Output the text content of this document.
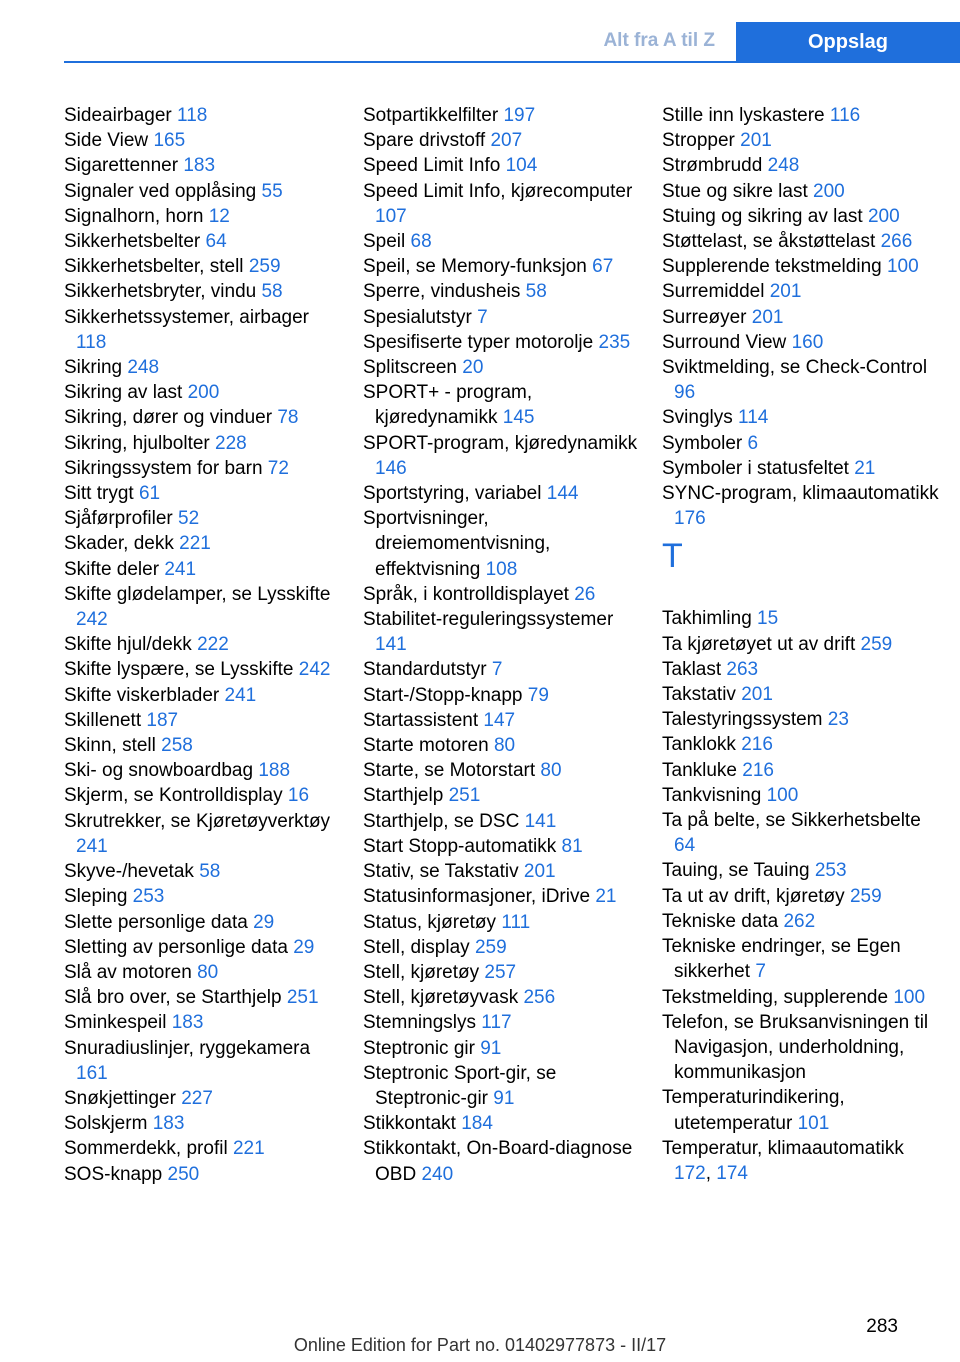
Alt fra A til Z	Oppslag
Sideairbager 118
Side View 165
Sigarettenner 183
Signaler ved opplåsing 55
Signalhorn, horn 12
Sikkerhetsbelter 64
Sikkerhetsbelter, stell 259
Sikkerhetsbryter, vindu 58
Sikkerhetssystemer, airbager 118
Sikring 248
Sikring av last 200
Sikring, dører og vinduer 78
Sikring, hjulbolter 228
Sikringssystem for barn 72
Sitt trygt 61
Sjåførprofiler 52
Skader, dekk 221
Skifte deler 241
Skifte glødelamper, se Lysskifte 242
Skifte hjul/dekk 222
Skifte lyspære, se Lysskifte 242
Skifte viskerblader 241
Skillenett 187
Skinn, stell 258
Ski- og snowboardbag 188
Skjerm, se Kontrolldisplay 16
Skrutrekker, se Kjøretøyverktøy 241
Skyve-/hevetak 58
Sleping 253
Slette personlige data 29
Sletting av personlige data 29
Slå av motoren 80
Slå bro over, se Starthjelp 251
Sminkespeil 183
Snuradiuslinjer, ryggekamera 161
Snøkjettinger 227
Solskjerm 183
Sommerdekk, profil 221
SOS-knapp 250
Sotpartikkelfilter 197
Spare drivstoff 207
Speed Limit Info 104
Speed Limit Info, kjørecomputer 107
Speil 68
Speil, se Memory-funksjon 67
Sperre, vindusheis 58
Spesialutstyr 7
Spesifiserte typer motorolje 235
Splitscreen 20
SPORT+ - program, kjøredynamikk 145
SPORT-program, kjøredynamikk 146
Sportstyring, variabel 144
Sportvisninger, dreiemomentvisning, effektvisning 108
Språk, i kontrolldisplayet 26
Stabilitet-reguleringssystemer 141
Standardutstyr 7
Start-/Stopp-knapp 79
Startassistent 147
Starte motoren 80
Starte, se Motorstart 80
Starthjelp 251
Starthjelp, se DSC 141
Start Stopp-automatikk 81
Stativ, se Takstativ 201
Statusinformasjoner, iDrive 21
Status, kjøretøy 111
Stell, display 259
Stell, kjøretøy 257
Stell, kjøretøyvask 256
Stemningslys 117
Steptronic gir 91
Steptronic Sport-gir, se Steptronic-gir 91
Stikkontakt 184
Stikkontakt, On-Board-diagnose OBD 240
Stille inn lyskastere 116
Stropper 201
Strømbrudd 248
Stue og sikre last 200
Stuing og sikring av last 200
Støttelast, se åkstøttelast 266
Supplerende tekstmelding 100
Surremiddel 201
Surreøyer 201
Surround View 160
Sviktmelding, se Check-Control 96
Svinglys 114
Symboler 6
Symboler i statusfeltet 21
SYNC-program, klimaautomatikk 176
T
Takhimling 15
Ta kjøretøyet ut av drift 259
Taklast 263
Takstativ 201
Talestyringssystem 23
Tanklokk 216
Tankluke 216
Tankvisning 100
Ta på belte, se Sikkerhetsbelte 64
Tauing, se Tauing 253
Ta ut av drift, kjøretøy 259
Tekniske data 262
Tekniske endringer, se Egen sikkerhet 7
Tekstmelding, supplerende 100
Telefon, se Bruksanvisningen til Navigasjon, underholdning, kommunikasjon
Temperaturindikering, utetemperatur 101
Temperatur, klimaautomatikk 172, 174
283
Online Edition for Part no. 01402977873 - II/17
